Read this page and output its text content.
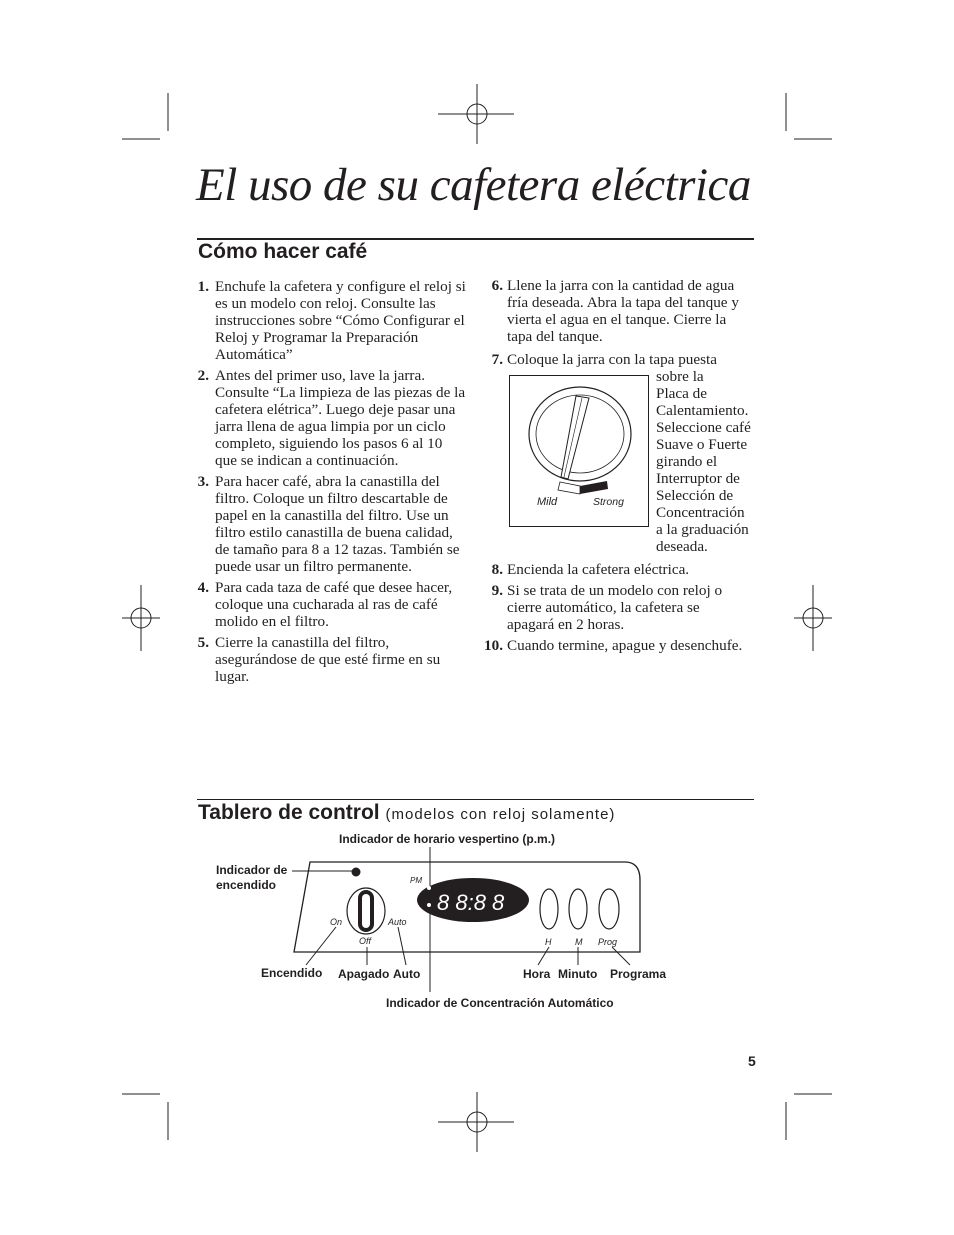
El uso de su cafetera eléctrica
Cómo hacer café
1. Enchufe la cafetera y configure el reloj si es un modelo con reloj. Consulte las instrucciones sobre “Cómo Configurar el Reloj y Programar la Preparación Automática”
2. Antes del primer uso, lave la jarra. Consulte “La limpieza de las piezas de la cafetera elétrica”. Luego deje pasar una jarra llena de agua limpia por un ciclo completo, siguiendo los pasos 6 al 10 que se indican a continuación.
3. Para hacer café, abra la canastilla del filtro. Coloque un filtro descartable de papel en la canastilla del filtro. Use un filtro estilo canastilla de buena calidad, de tamaño para 8 a 12 tazas. También se puede usar un filtro permanente.
4. Para cada taza de café que desee hacer, coloque una cucharada al ras de café molido en el filtro.
5. Cierre la canastilla del filtro, asegurándose de que esté firme en su lugar.
6. Llene la jarra con la cantidad de agua fría deseada. Abra la tapa del tanque y vierta el agua en el tanque. Cierre la tapa del tanque.
7. Coloque la jarra con la tapa puesta
sobre la
Placa de
Calentamiento.
Seleccione café
Suave o Fuerte
girando el
Interruptor de
Selección de
Concentración
a la graduación
deseada.
Mild	Strong
8. Encienda la cafetera eléctrica.
9. Si se trata de un modelo con reloj o cierre automático, la cafetera se apagará en 2 horas.
10. Cuando termine, apague y desenchufe.
Tablero de control (modelos con reloj solamente)
On	Auto
Off
PM
8 8:8 8
H	M Prog
Indicador de horario vespertino (p.m.)
Indicador de
encendido
Encendido Apagado Auto	Hora Minuto Programa
Indicador de Concentración Automático
5
